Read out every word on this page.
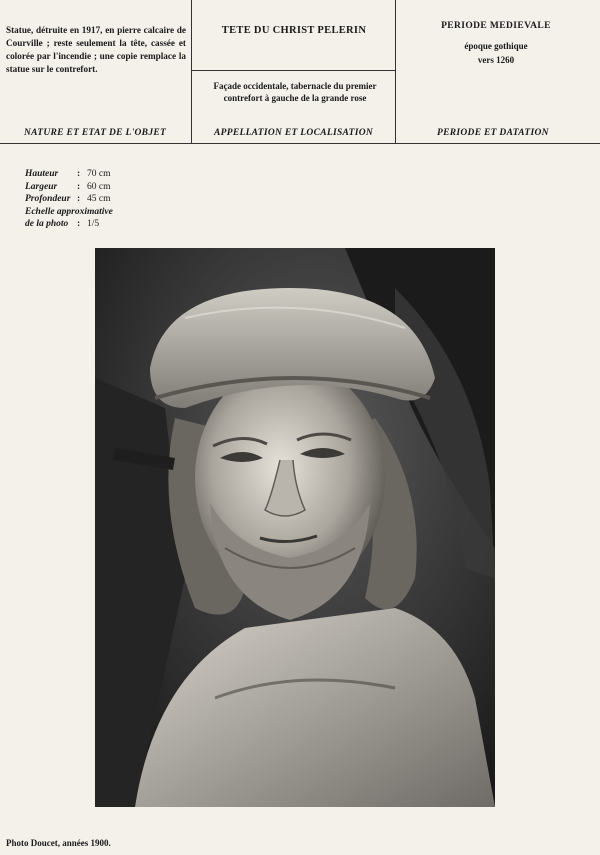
Statue, détruite en 1917, en pierre calcaire de Courville ; reste seulement la tête, cassée et colorée par l'incendie ; une copie remplace la statue sur le contrefort.
TETE DU CHRIST PELERIN
Façade occidentale, tabernacle du premier contrefort à gauche de la grande rose
PERIODE MEDIEVALE
époque gothique
vers 1260
NATURE ET ETAT DE L'OBJET	APPELLATION ET LOCALISATION	PERIODE ET DATATION
Hauteur	: 70 cm
Largeur	: 60 cm
Profondeur : 45 cm
Echelle approximative
de la photo : 1/5
Photo Doucet, années 1900.
